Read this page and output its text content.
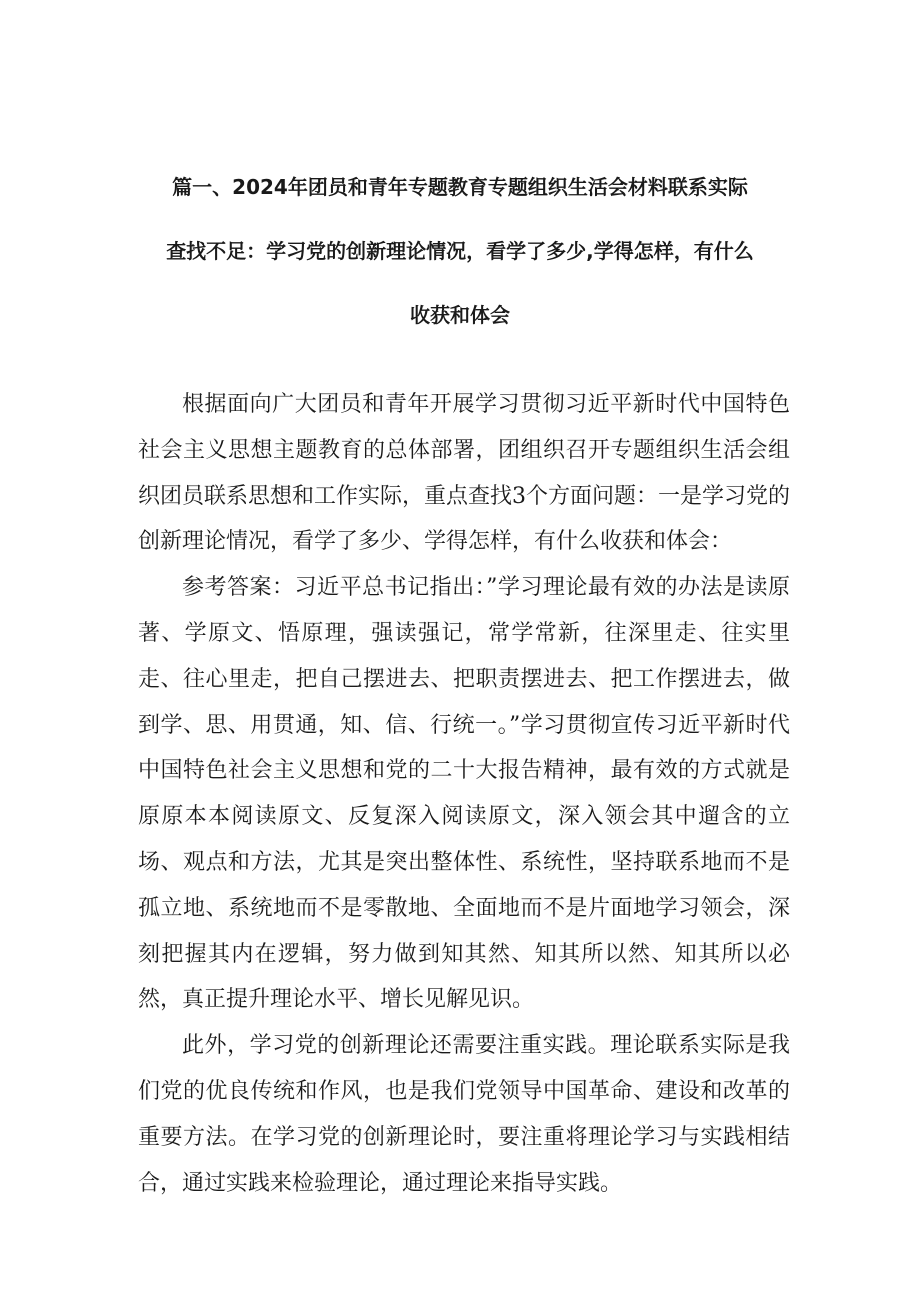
篇一、2024年团员和青年专题教育专题组织生活会材料联系实际
查找不足：学习党的创新理论情况，看学了多少,学得怎样，有什么
收获和体会

根据面向广大团员和青年开展学习贯彻习近平新时代中国特色社会主义思想主题教育的总体部署，团组织召开专题组织生活会组织团员联系思想和工作实际，重点查找3个方面问题：一是学习党的创新理论情况，看学了多少、学得怎样，有什么收获和体会：

参考答案：习近平总书记指出：”学习理论最有效的办法是读原著、学原文、悟原理，强读强记，常学常新，往深里走、往实里走、往心里走，把自己摆进去、把职责摆进去、把工作摆进去，做到学、思、用贯通，知、信、行统一。”学习贯彻宣传习近平新时代中国特色社会主义思想和党的二十大报告精神，最有效的方式就是原原本本阅读原文、反复深入阅读原文，深入领会其中遛含的立场、观点和方法，尤其是突出整体性、系统性，坚持联系地而不是孤立地、系统地而不是零散地、全面地而不是片面地学习领会，深刻把握其内在逻辑，努力做到知其然、知其所以然、知其所以必然，真正提升理论水平、增长见解见识。

此外，学习党的创新理论还需要注重实践。理论联系实际是我们党的优良传统和作风，也是我们党领导中国革命、建设和改革的重要方法。在学习党的创新理论时，要注重将理论学习与实践相结合，通过实践来检验理论，通过理论来指导实践。
